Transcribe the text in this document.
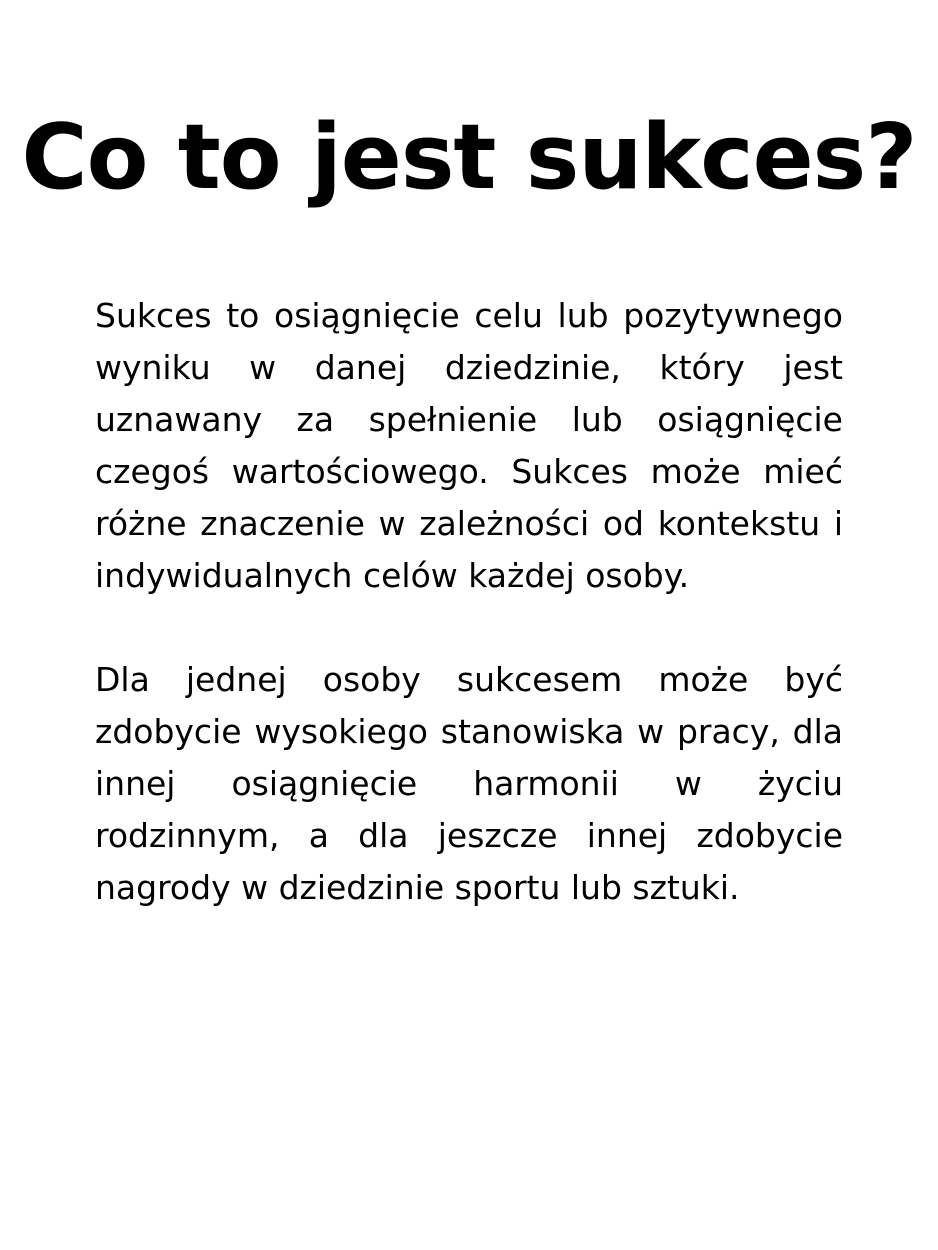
Co to jest sukces?

Sukces to osiągnięcie celu lub pozytywnego wyniku w danej dziedzinie, który jest uznawany za spełnienie lub osiągnięcie czegoś wartościowego. Sukces może mieć różne znaczenie w zależności od kontekstu i indywidualnych celów każdej osoby.

Dla jednej osoby sukcesem może być zdobycie wysokiego stanowiska w pracy, dla innej osiągnięcie harmonii w życiu rodzinnym, a dla jeszcze innej zdobycie nagrody w dziedzinie sportu lub sztuki.
